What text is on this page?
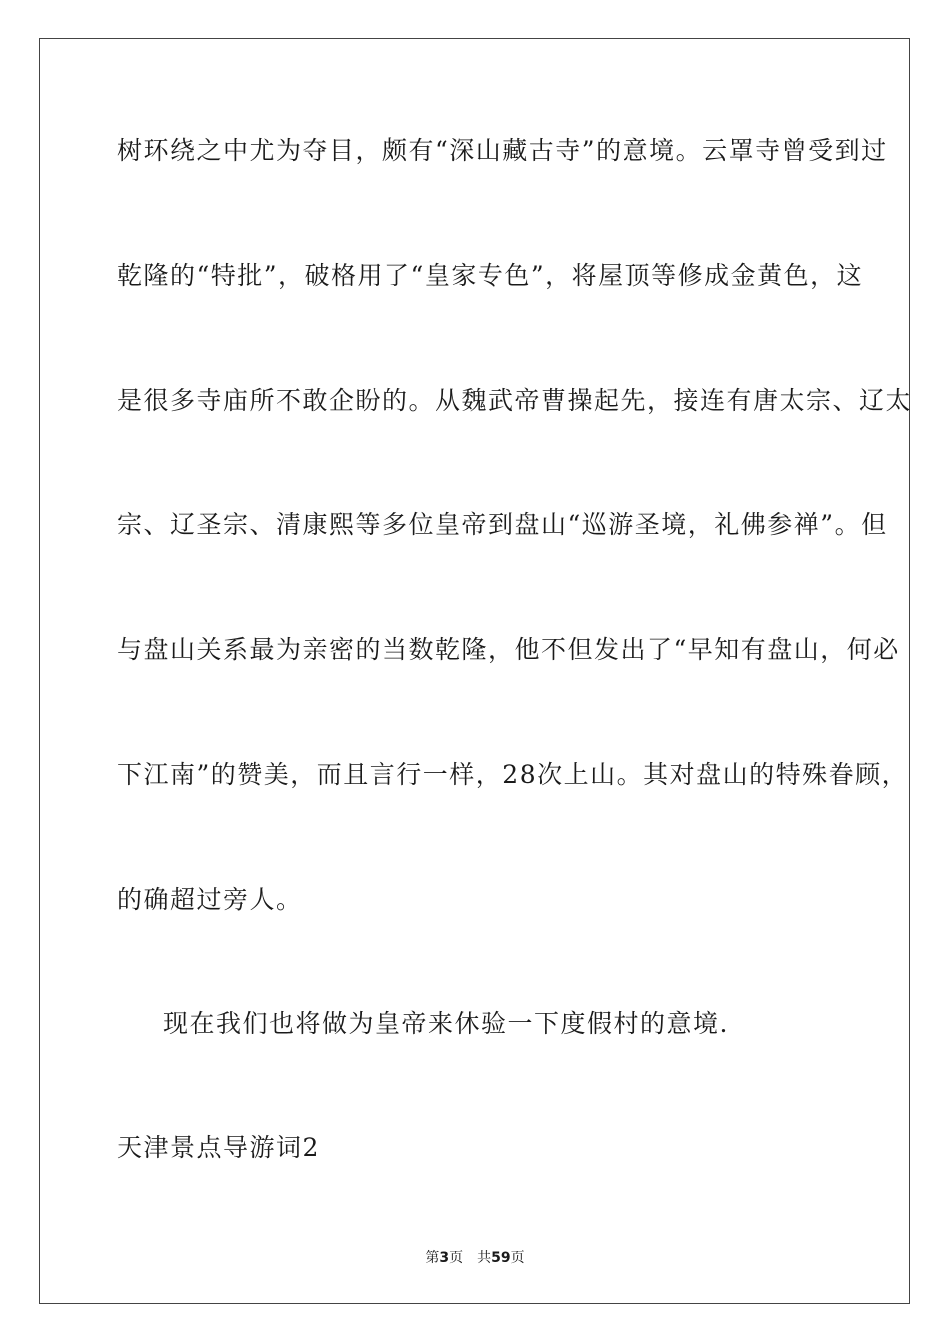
树环绕之中尤为夺目，颇有“深山藏古寺”的意境。云罩寺曾受到过
乾隆的“特批”，破格用了“皇家专色”，将屋顶等修成金黄色，这
是很多寺庙所不敢企盼的。从魏武帝曹操起先，接连有唐太宗、辽太
宗、辽圣宗、清康熙等多位皇帝到盘山“巡游圣境，礼佛参禅”。但
与盘山关系最为亲密的当数乾隆，他不但发出了“早知有盘山，何必
下江南”的赞美，而且言行一样，28次上山。其对盘山的特殊眷顾，
的确超过旁人。
现在我们也将做为皇帝来休验一下度假村的意境.
天津景点导游词2
第3页　共59页
